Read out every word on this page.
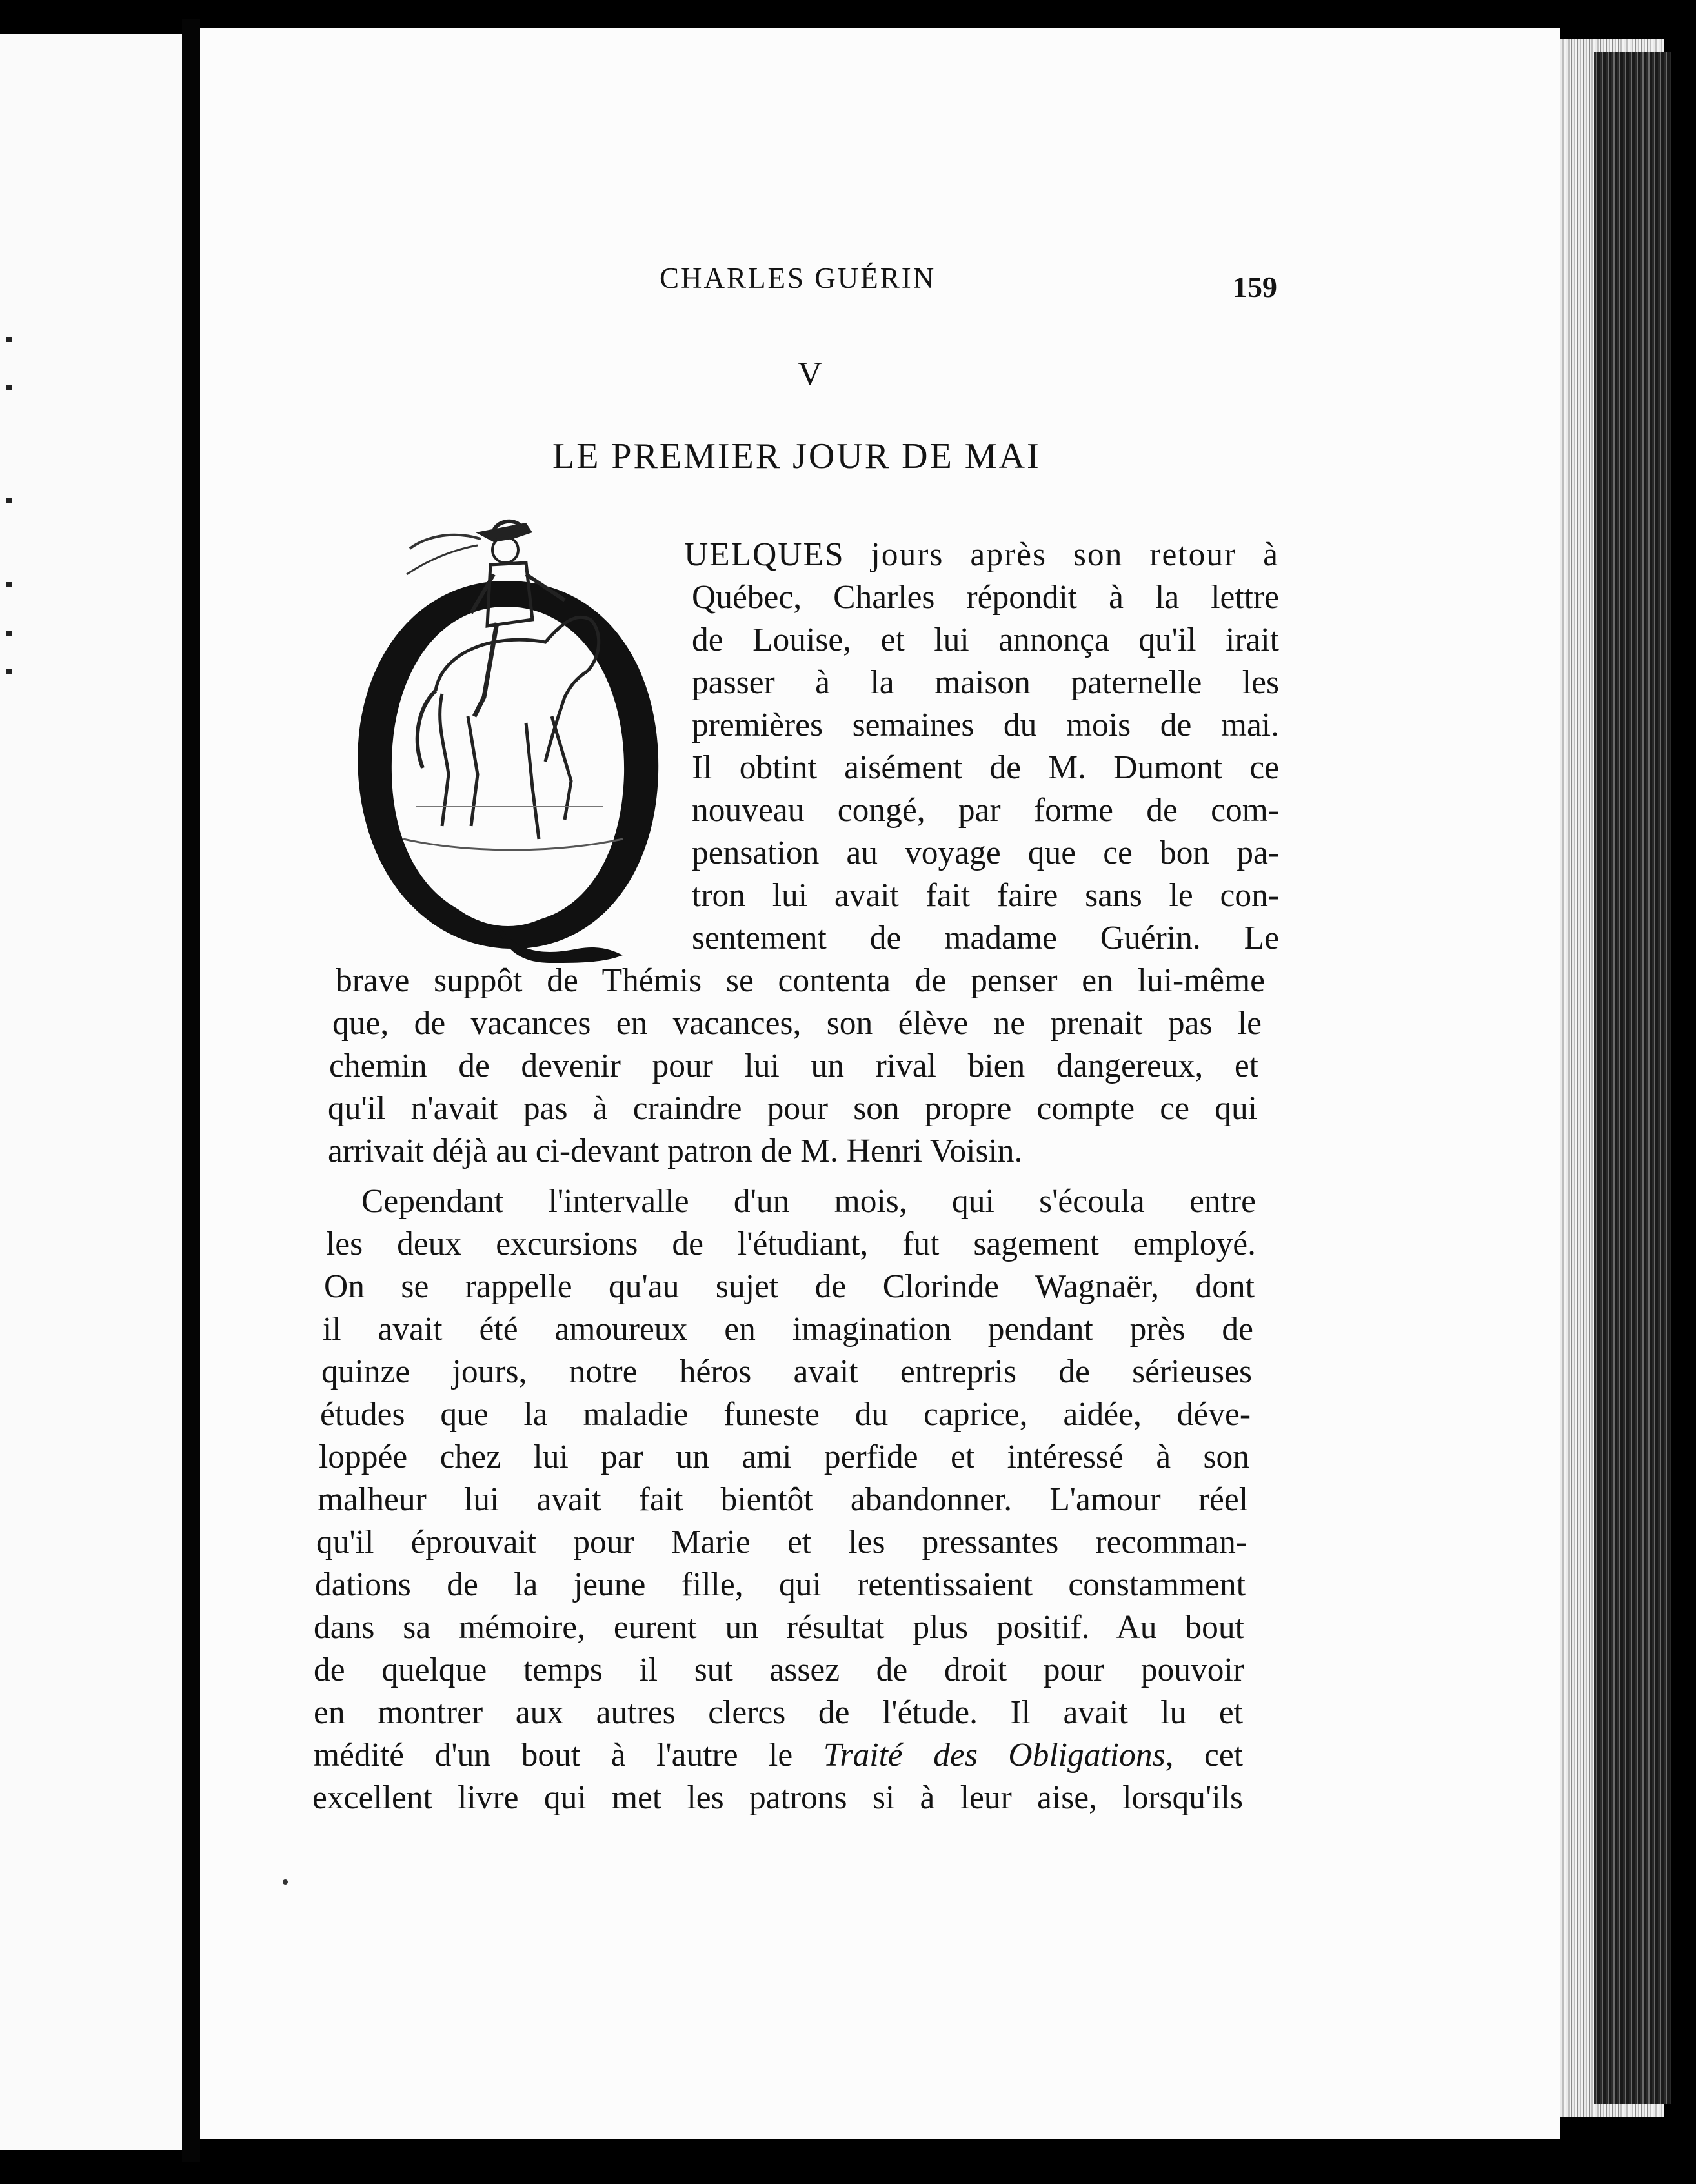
CHARLES GUÉRIN	159
V
LE PREMIER JOUR DE MAI
UELQUES jours après son retour à
Québec, Charles répondit à la lettre
de Louise, et lui annonça qu'il irait
passer à la maison paternelle les
premières semaines du mois de mai.
Il obtint aisément de M. Dumont ce
nouveau congé, par forme de com-
pensation au voyage que ce bon pa-
tron lui avait fait faire sans le con-
sentement de madame Guérin. Le
brave suppôt de Thémis se contenta de penser en lui-même
que, de vacances en vacances, son élève ne prenait pas le
chemin de devenir pour lui un rival bien dangereux, et
qu'il n'avait pas à craindre pour son propre compte ce qui
arrivait déjà au ci-devant patron de M. Henri Voisin.
Cependant l'intervalle d'un mois, qui s'écoula entre
les deux excursions de l'étudiant, fut sagement employé.
On se rappelle qu'au sujet de Clorinde Wagnaër, dont
il avait été amoureux en imagination pendant près de
quinze jours, notre héros avait entrepris de sérieuses
études que la maladie funeste du caprice, aidée, déve-
loppée chez lui par un ami perfide et intéressé à son
malheur lui avait fait bientôt abandonner. L'amour réel
qu'il éprouvait pour Marie et les pressantes recomman-
dations de la jeune fille, qui retentissaient constamment
dans sa mémoire, eurent un résultat plus positif. Au bout
de quelque temps il sut assez de droit pour pouvoir
en montrer aux autres clercs de l'étude. Il avait lu et
médité d'un bout à l'autre le Traité des Obligations, cet
excellent livre qui met les patrons si à leur aise, lorsqu'ils
